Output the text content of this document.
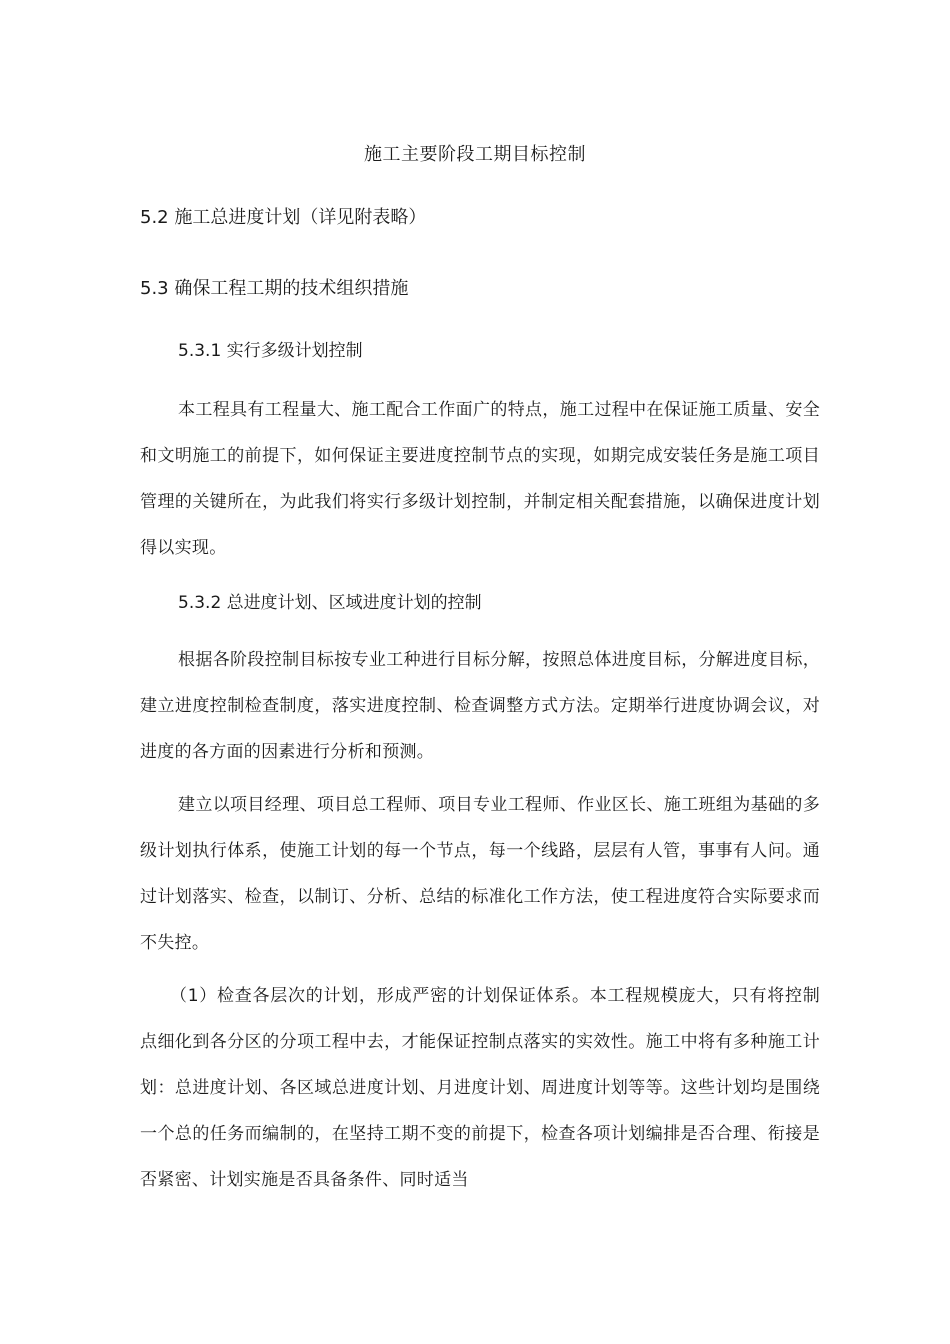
施工主要阶段工期目标控制
5.2 施工总进度计划（详见附表略）
5.3 确保工程工期的技术组织措施
5.3.1 实行多级计划控制
本工程具有工程量大、施工配合工作面广的特点，施工过程中在保证施工质量、安全和文明施工的前提下，如何保证主要进度控制节点的实现，如期完成安装任务是施工项目管理的关键所在，为此我们将实行多级计划控制，并制定相关配套措施，以确保进度计划得以实现。
5.3.2 总进度计划、区域进度计划的控制
根据各阶段控制目标按专业工种进行目标分解，按照总体进度目标，分解进度目标，建立进度控制检查制度，落实进度控制、检查调整方式方法。定期举行进度协调会议，对进度的各方面的因素进行分析和预测。
建立以项目经理、项目总工程师、项目专业工程师、作业区长、施工班组为基础的多级计划执行体系，使施工计划的每一个节点，每一个线路，层层有人管，事事有人问。通过计划落实、检查，以制订、分析、总结的标准化工作方法，使工程进度符合实际要求而不失控。
（1）检查各层次的计划，形成严密的计划保证体系。本工程规模庞大，只有将控制点细化到各分区的分项工程中去，才能保证控制点落实的实效性。施工中将有多种施工计划：总进度计划、各区域总进度计划、月进度计划、周进度计划等等。这些计划均是围绕一个总的任务而编制的，在坚持工期不变的前提下，检查各项计划编排是否合理、衔接是否紧密、计划实施是否具备条件、同时适当
